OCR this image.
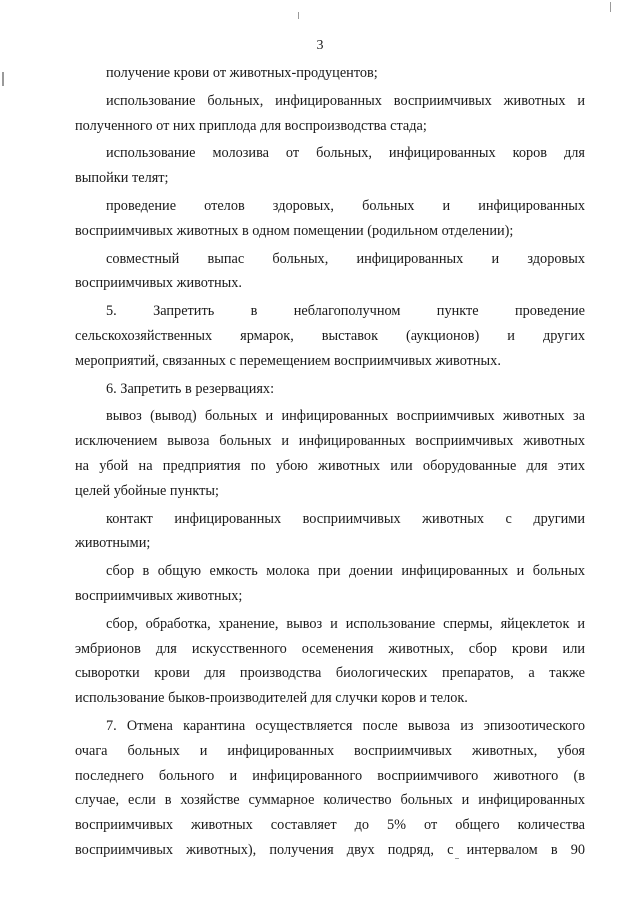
3
получение крови от животных-продуцентов;
использование больных, инфицированных восприимчивых животных и
полученного от них приплода для воспроизводства стада;
использование молозива от больных, инфицированных коров для
выпойки телят;
проведение отелов здоровых, больных и инфицированных
восприимчивых животных в одном помещении (родильном отделении);
совместный выпас больных, инфицированных и здоровых
восприимчивых животных.
5. Запретить в неблагополучном пункте проведение
сельскохозяйственных ярмарок, выставок (аукционов) и других
мероприятий, связанных с перемещением восприимчивых животных.
6. Запретить в резервациях:
вывоз (вывод) больных и инфицированных восприимчивых животных за
исключением вывоза больных и инфицированных восприимчивых животных
на убой на предприятия по убою животных или оборудованные для этих
целей убойные пункты;
контакт инфицированных восприимчивых животных с другими
животными;
сбор в общую емкость молока при доении инфицированных и больных
восприимчивых животных;
сбор, обработка, хранение, вывоз и использование спермы, яйцеклеток и
эмбрионов для искусственного осеменения животных, сбор крови или
сыворотки крови для производства биологических препаратов, а также
использование быков-производителей для случки коров и телок.
7. Отмена карантина осуществляется после вывоза из эпизоотического
очага больных и инфицированных восприимчивых животных, убоя
последнего больного и инфицированного восприимчивого животного (в
случае, если в хозяйстве суммарное количество больных и инфицированных
восприимчивых животных составляет до 5% от общего количества
восприимчивых животных), получения двух подряд, с интервалом в 90
